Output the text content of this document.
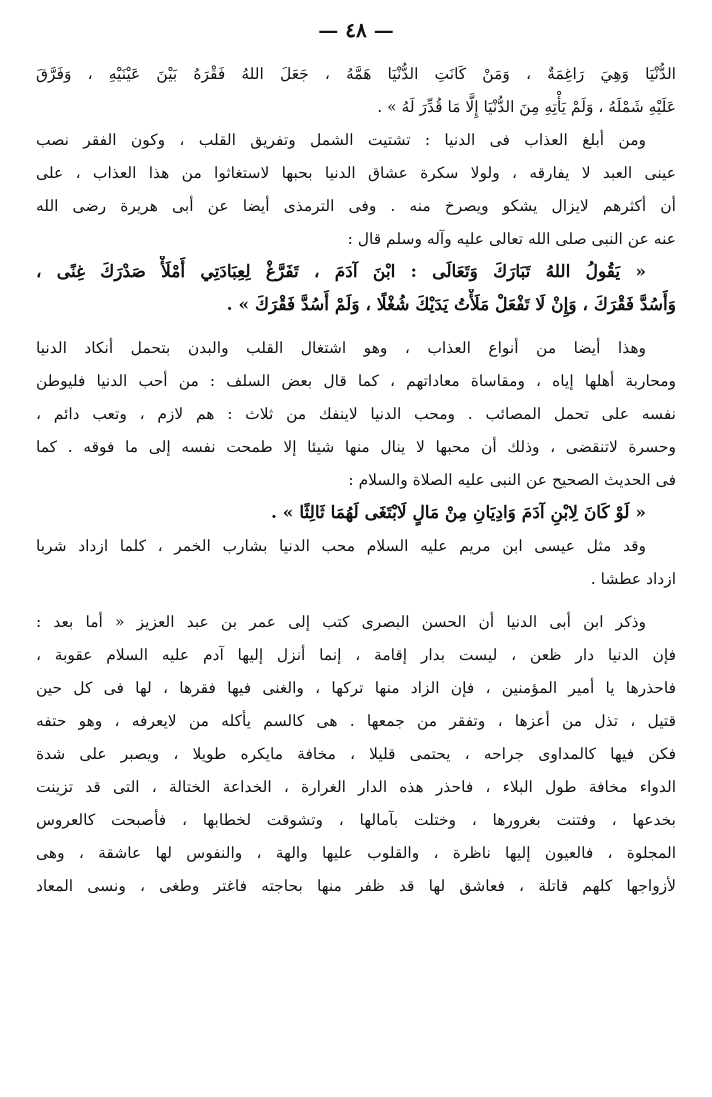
— ٤٨ —
الدُّنْيَا وَهِيَ رَاغِمَةٌ ، وَمَنْ كَانَتِ الدُّنْيَا هَمَّهُ ، جَعَلَ اللهُ فَقْرَهُ بَيْنَ عَيْنَيْهِ ، وَفَرَّقَ
عَلَيْهِ شَمْلَهُ ، وَلَمْ يَأْتِهِ مِنَ الدُّنْيَا إِلَّا مَا قُدِّرَ لَهُ » .
ومن أبلغ العذاب فى الدنيا : تشتيت الشمل وتفريق القلب ، وكون الفقر نصب
عينى العبد لا يفارقه ، ولولا سكرة عشاق الدنيا بحبها لاستغاثوا من هذا العذاب ، على
أن أكثرهم لايزال يشكو ويصرخ منه . وفى الترمذى أيضا عن أبى هريرة رضى الله
عنه عن النبى صلى الله تعالى عليه وآله وسلم قال :
« يَقُولُ اللهُ تَبَارَكَ وَتَعَالَى : ابْنَ آدَمَ ، تَفَرَّغْ لِعِبَادَتِي أَمْلَأْ صَدْرَكَ غِنًى ،
وَأَسُدَّ فَقْرَكَ ، وَإِنْ لَا تَفْعَلْ مَلَأْتُ يَدَيْكَ شُغْلًا ، وَلَمْ أَسُدَّ فَقْرَكَ » .
وهذا أيضا من أنواع العذاب ، وهو اشتغال القلب والبدن بتحمل أنكاد الدنيا
ومحاربة أهلها إياه ، ومقاساة معاداتهم ، كما قال بعض السلف : من أحب الدنيا فليوطن
نفسه على تحمل المصائب . ومحب الدنيا لاينفك من ثلاث : هم لازم ، وتعب دائم ،
وحسرة لاتنقضى ، وذلك أن محبها لا ينال منها شيئا إلا طمحت نفسه إلى ما فوقه . كما
فى الحديث الصحيح عن النبى عليه الصلاة والسلام :
« لَوْ كَانَ لِابْنِ آدَمَ وَادِيَانِ مِنْ مَالٍ لَابْتَغَى لَهُمَا ثَالِثًا » .
وقد مثل عيسى ابن مريم عليه السلام محب الدنيا بشارب الخمر ، كلما ازداد شربا
ازداد عطشا .
وذكر ابن أبى الدنيا أن الحسن البصرى كتب إلى عمر بن عبد العزيز « أما بعد :
فإن الدنيا دار ظعن ، ليست بدار إقامة ، إنما أنزل إليها آدم عليه السلام عقوبة ،
فاحذرها يا أمير المؤمنين ، فإن الزاد منها تركها ، والغنى فيها فقرها ، لها فى كل حين
قتيل ، تذل من أعزها ، وتفقر من جمعها . هى كالسم يأكله من لايعرفه ، وهو حتفه
فكن فيها كالمداوى جراحه ، يحتمى قليلا ، مخافة مايكره طويلا ، ويصبر على شدة
الدواء مخافة طول البلاء ، فاحذر هذه الدار الغرارة ، الخداعة الختالة ، التى قد تزينت
بخدعها ، وفتنت بغرورها ، وختلت بآمالها ، وتشوقت لخطابها ، فأصبحت كالعروس
المجلوة ، فالعيون إليها ناظرة ، والقلوب عليها والهة ، والنفوس لها عاشقة ، وهى
لأزواجها كلهم قاتلة ، فعاشق لها قد ظفر منها بحاجته فاغتر وطغى ، ونسى المعاد
